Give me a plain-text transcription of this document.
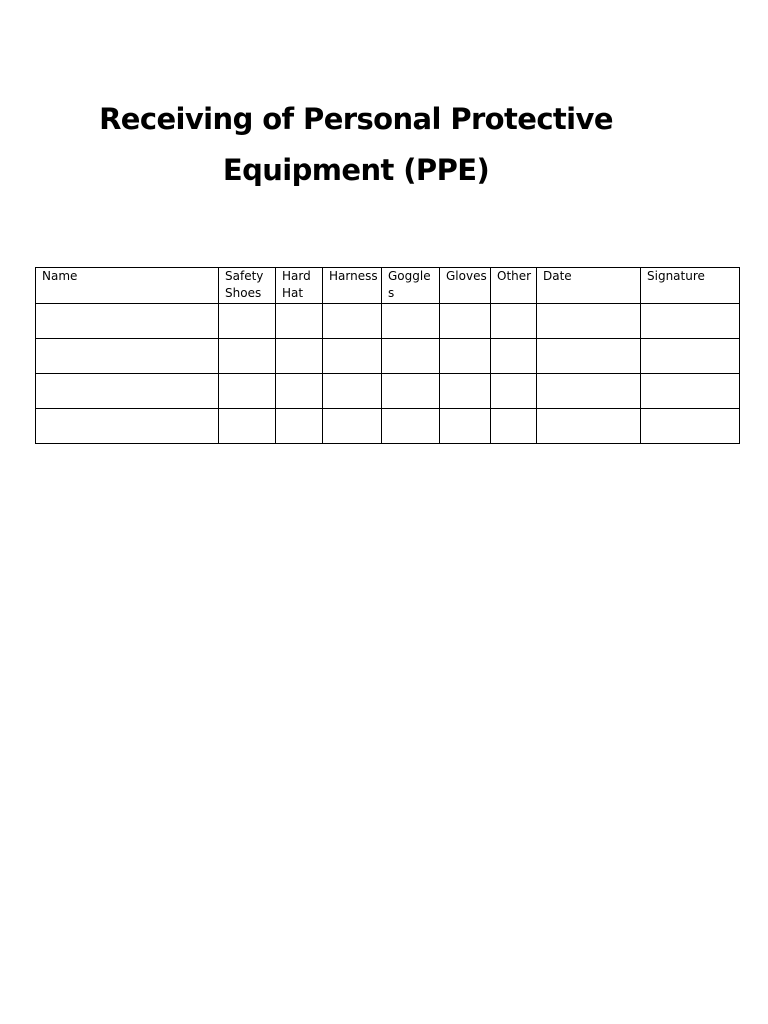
Receiving of Personal Protective
Equipment (PPE)
Name	Safety Shoes	Hard Hat	Harness	Goggles	Gloves	Other	Date	Signature
